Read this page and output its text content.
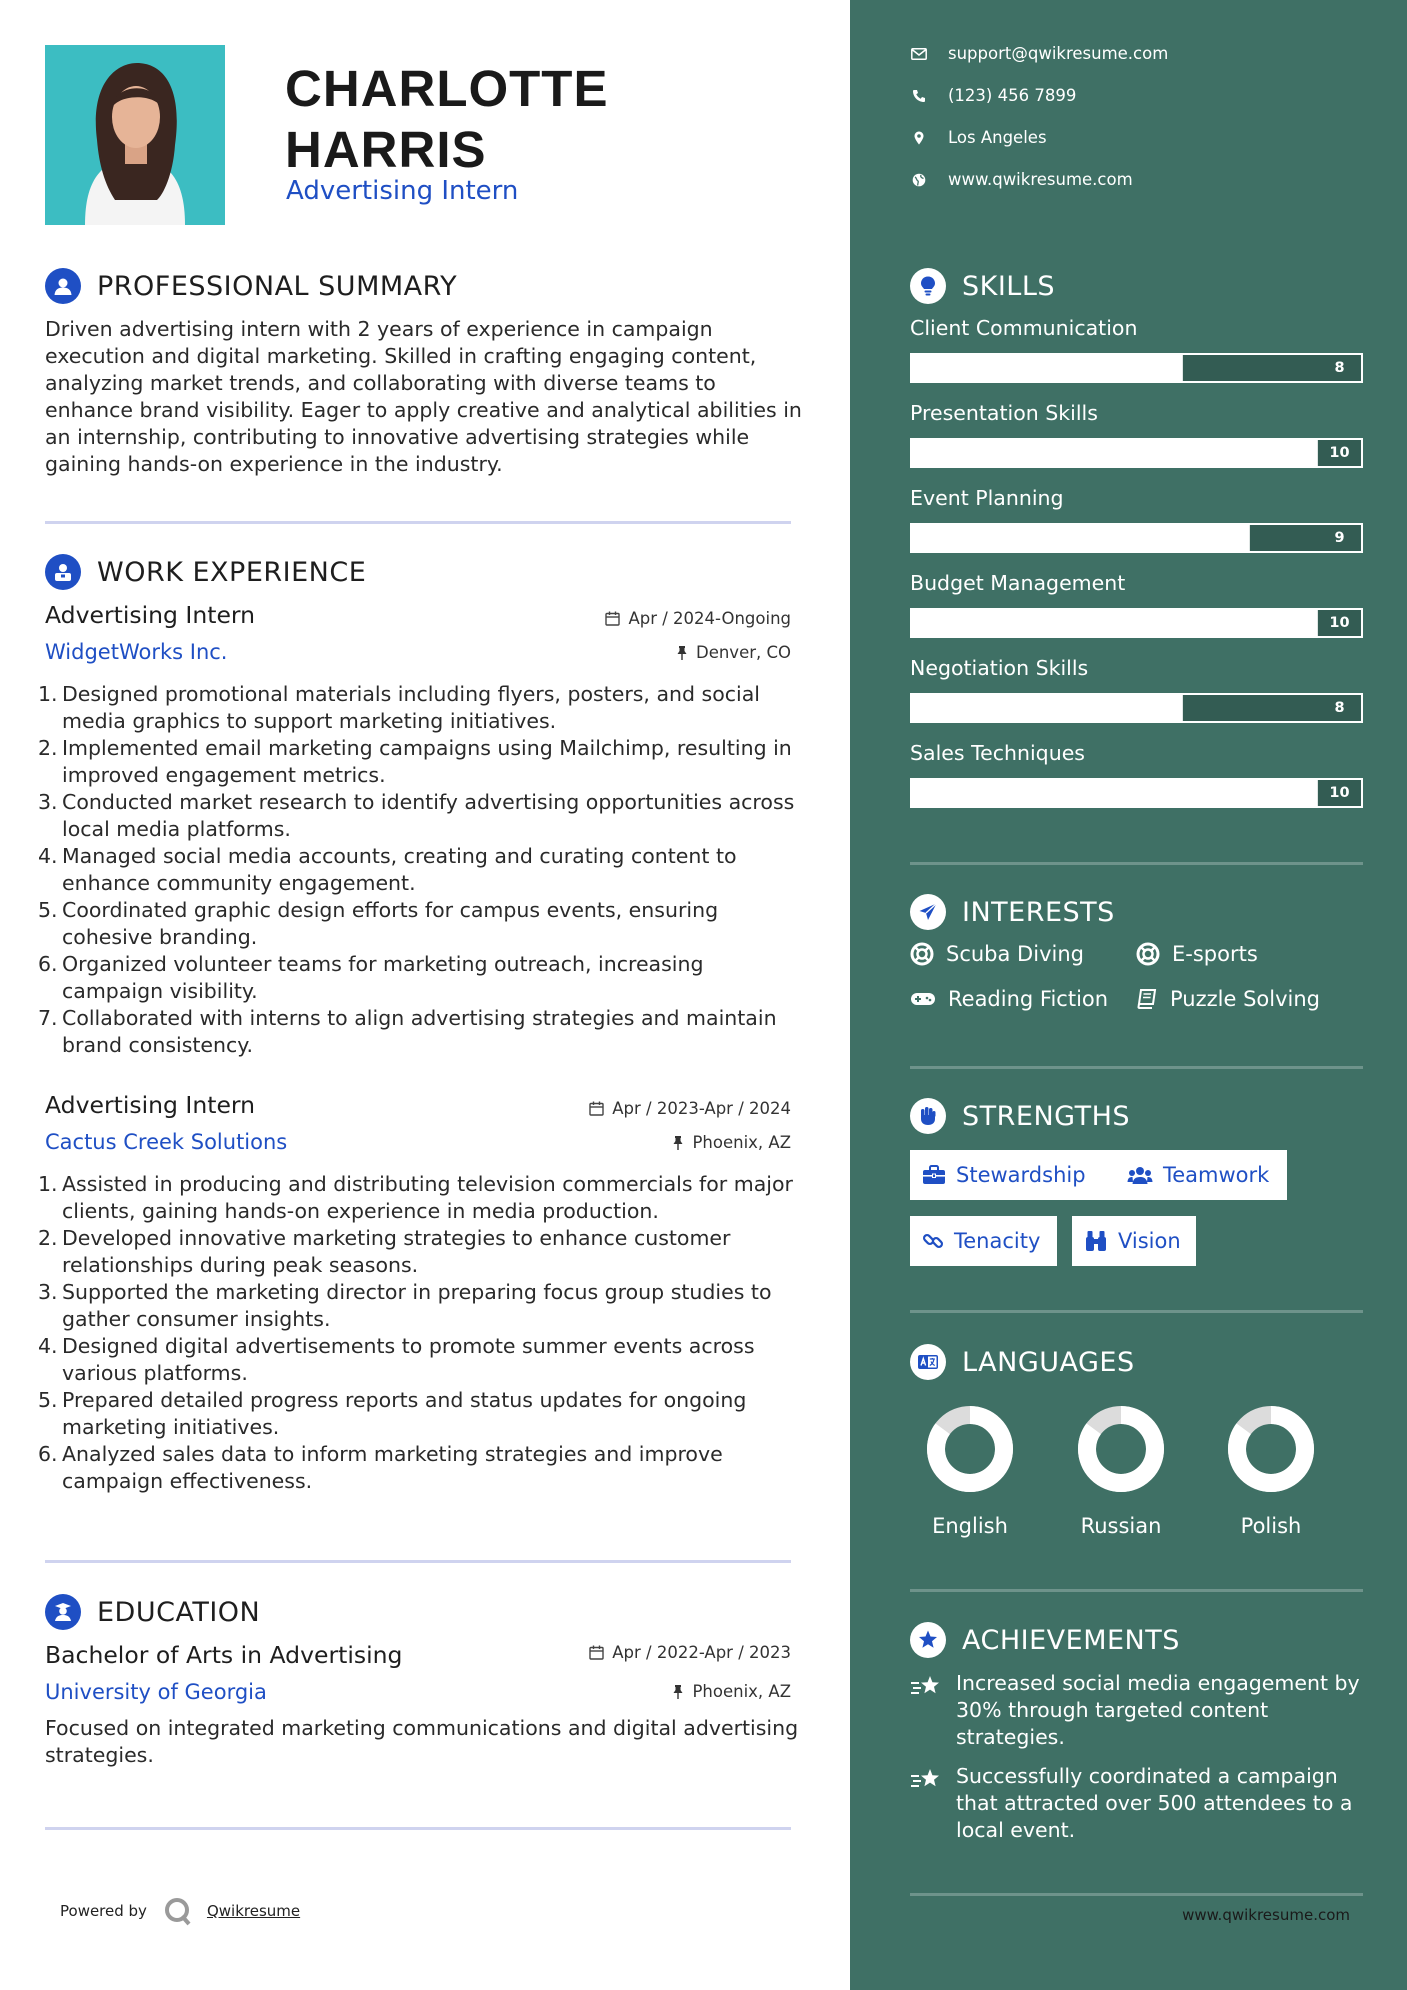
CHARLOTTE
HARRIS
Advertising Intern
PROFESSIONAL SUMMARY
Driven advertising intern with 2 years of experience in campaign execution and digital marketing. Skilled in crafting engaging content, analyzing market trends, and collaborating with diverse teams to enhance brand visibility. Eager to apply creative and analytical abilities in an internship, contributing to innovative advertising strategies while gaining hands-on experience in the industry.
WORK EXPERIENCE
Advertising Intern	Apr / 2024-Ongoing
WidgetWorks Inc.	Denver, CO
1. Designed promotional materials including flyers, posters, and social media graphics to support marketing initiatives.
2. Implemented email marketing campaigns using Mailchimp, resulting in improved engagement metrics.
3. Conducted market research to identify advertising opportunities across local media platforms.
4. Managed social media accounts, creating and curating content to enhance community engagement.
5. Coordinated graphic design efforts for campus events, ensuring cohesive branding.
6. Organized volunteer teams for marketing outreach, increasing campaign visibility.
7. Collaborated with interns to align advertising strategies and maintain brand consistency.
Advertising Intern	Apr / 2023-Apr / 2024
Cactus Creek Solutions	Phoenix, AZ
1. Assisted in producing and distributing television commercials for major clients, gaining hands-on experience in media production.
2. Developed innovative marketing strategies to enhance customer relationships during peak seasons.
3. Supported the marketing director in preparing focus group studies to gather consumer insights.
4. Designed digital advertisements to promote summer events across various platforms.
5. Prepared detailed progress reports and status updates for ongoing marketing initiatives.
6. Analyzed sales data to inform marketing strategies and improve campaign effectiveness.
EDUCATION
Bachelor of Arts in Advertising	Apr / 2022-Apr / 2023
University of Georgia	Phoenix, AZ
Focused on integrated marketing communications and digital advertising strategies.
Powered by	Qwikresume
support@qwikresume.com
(123) 456 7899
Los Angeles
www.qwikresume.com
SKILLS
Client Communication
8
Presentation Skills
10
Event Planning
9
Budget Management
10
Negotiation Skills
8
Sales Techniques
10
INTERESTS
Scuba Diving	E-sports
Reading Fiction	Puzzle Solving
STRENGTHS
Stewardship	Teamwork
Tenacity	Vision
LANGUAGES
English	Russian	Polish
ACHIEVEMENTS
Increased social media engagement by 30% through targeted content strategies.
Successfully coordinated a campaign that attracted over 500 attendees to a local event.
www.qwikresume.com
